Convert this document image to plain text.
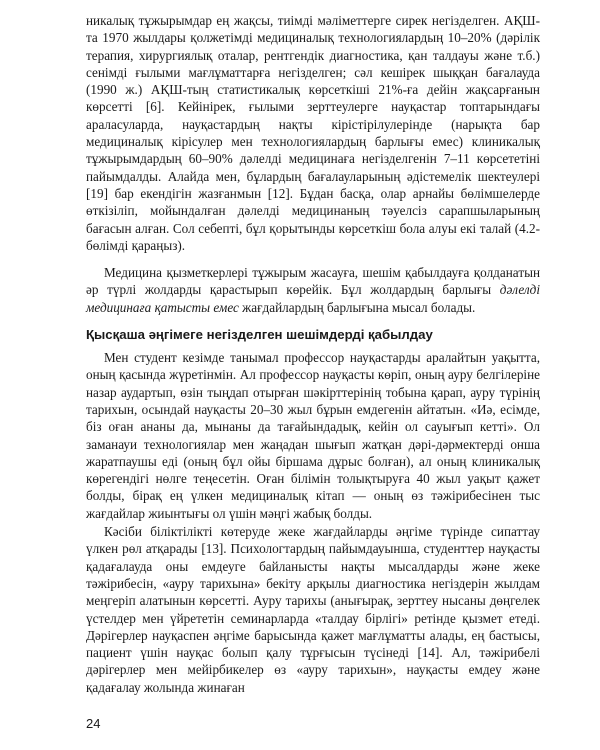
никалық тұжырымдар ең жақсы, тиімді мәліметтерге сирек негізделген. АҚШ-та 1970 жылдары қолжетімді медициналық технологиялардың 10–20% (дәрілік терапия, хирургиялық оталар, рентгендік диагностика, қан талдауы және т.б.) сенімді ғылыми мағлұматтарға негізделген; сәл кешірек шыққан бағалауда (1990 ж.) АҚШ-тың статистикалық көрсеткіші 21%-ға дейін жақсарғанын көрсетті [6]. Кейінірек, ғылыми зерттеулерге науқастар топтарындағы араласуларда, науқастардың нақты кірістірілулерінде (нарықта бар медициналық кірісулер мен технологиялардың барлығы емес) клиникалық тұжырымдардың 60–90% дәлелді медицинаға негізделгенін 7–11 көрсететіні пайымдалды. Алайда мен, бұлардың бағалауларының әдістемелік шектеулері [19] бар екендігін жазғанмын [12]. Бұдан басқа, олар арнайы бөлімшелерде өткізіліп, мойындалған дәлелді медицинаның тәуелсіз сарапшыларының бағасын алған. Сол себепті, бұл қорытынды көрсеткіш бола алуы екі талай (4.2-бөлімді қараңыз).

Медицина қызметкерлері тұжырым жасауға, шешім қабылдауға қолданатын әр түрлі жолдарды қарастырып көрейік. Бұл жолдардың барлығы дәлелді медицинаға қатысты емес жағдайлардың барлығына мысал болады.

Қысқаша әңгімеге негізделген шешімдерді қабылдау

Мен студент кезімде танымал профессор науқастарды аралайтын уақытта, оның қасында жүретінмін. Ал профессор науқасты көріп, оның ауру белгілеріне назар аудартып, өзін тыңдап отырған шәкірттерінің тобына қарап, ауру түрінің тарихын, осындай науқасты 20–30 жыл бұрын емдегенін айтатын. «Иә, есімде, біз оған ананы да, мынаны да тағайындадық, кейін ол сауығып кетті». Ол заманауи технологиялар мен жаңадан шығып жатқан дәрі-дәрмектерді онша жаратпаушы еді (оның бұл ойы біршама дұрыс болған), ал оның клиникалық көрегендігі нөлге теңесетін. Оған білімін толықтыруға 40 жыл уақыт қажет болды, бірақ ең үлкен медициналық кітап — оның өз тәжірибесінен тыс жағдайлар жиынтығы ол үшін мәңгі жабық болды.

Кәсіби біліктілікті көтеруде жеке жағдайларды әңгіме түрінде сипаттау үлкен рөл атқарады [13]. Психологтардың пайымдауынша, студенттер науқасты қадағалауда оны емдеуге байланысты нақты мысалдарды және жеке тәжірибесін, «ауру тарихына» бекіту арқылы диагностика негіздерін жылдам меңгеріп алатынын көрсетті. Ауру тарихы (анығырақ, зерттеу нысаны дөңгелек үстелдер мен үйрететін семинарларда «талдау бірлігі» ретінде қызмет етеді. Дәрігерлер науқаспен әңгіме барысында қажет мағлұматты алады, ең бастысы, пациент үшін науқас болып қалу тұрғысын түсінеді [14]. Ал, тәжірибелі дәрігерлер мен мейірбикелер өз «ауру тарихын», науқасты емдеу және қадағалау жолында жинаған

24
